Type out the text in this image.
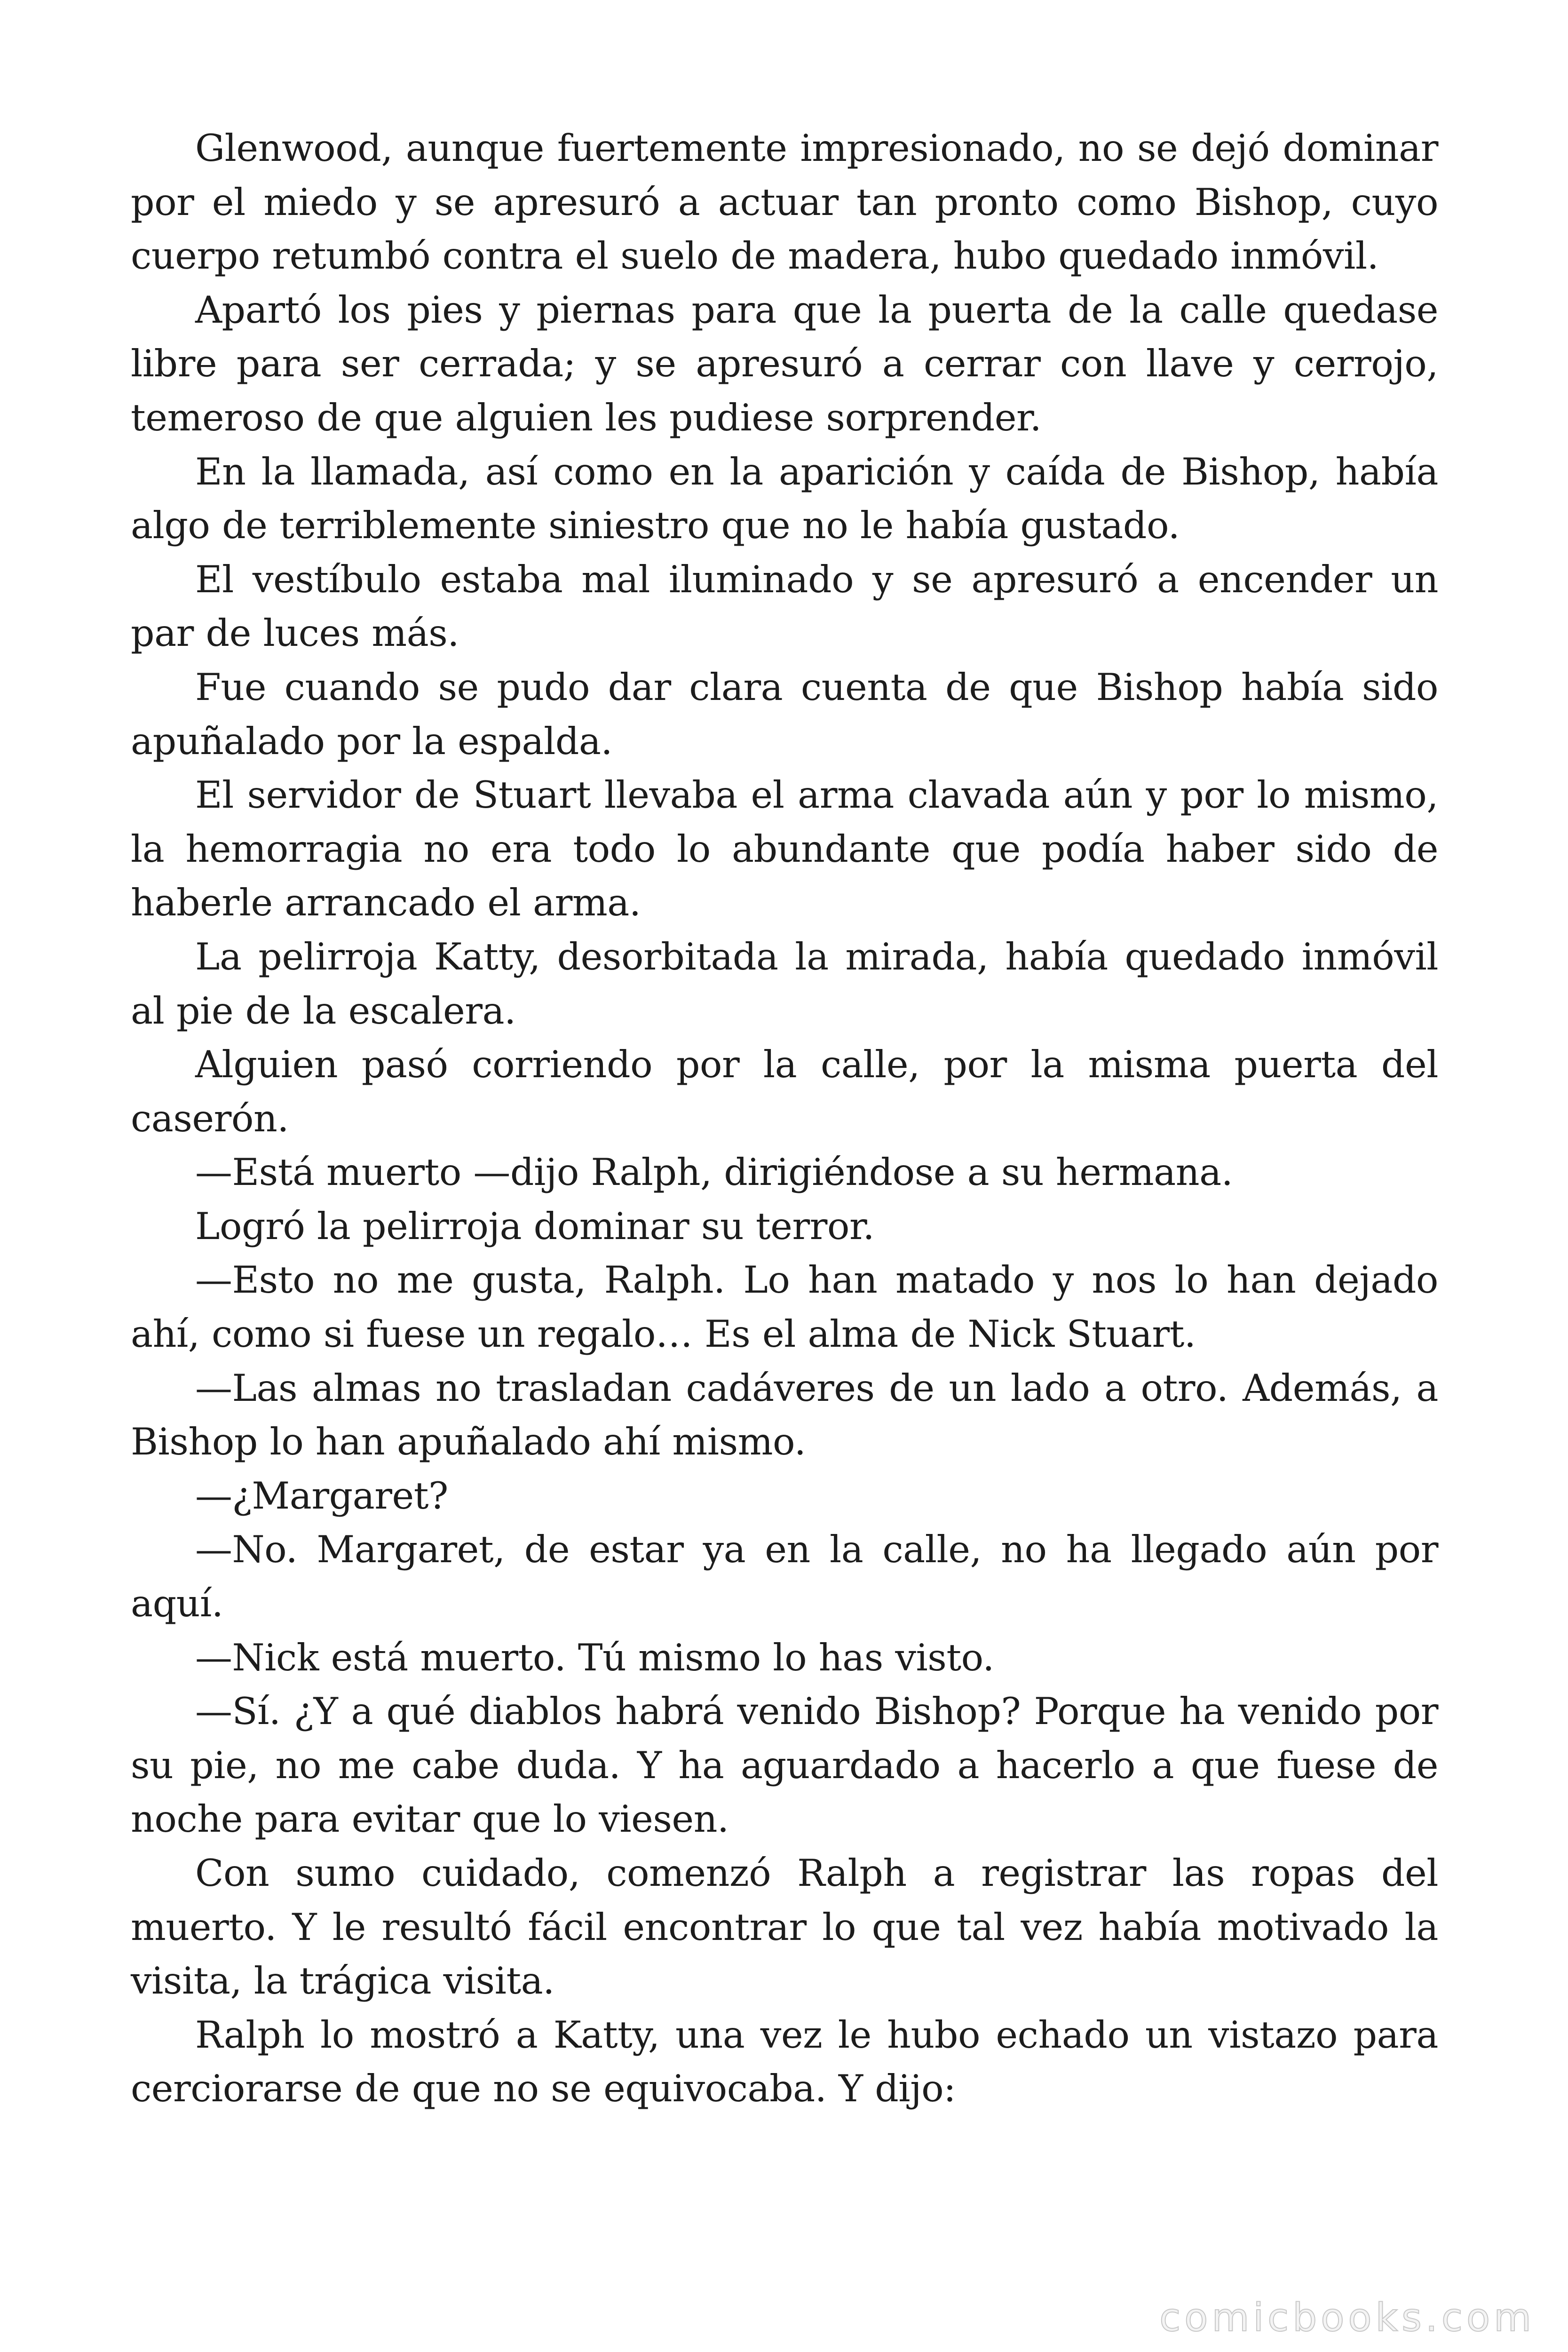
Glenwood, aunque fuertemente impresionado, no se dejó dominar por el miedo y se apresuró a actuar tan pronto como Bishop, cuyo cuerpo retumbó contra el suelo de madera, hubo quedado inmóvil.

Apartó los pies y piernas para que la puerta de la calle quedase libre para ser cerrada; y se apresuró a cerrar con llave y cerrojo, temeroso de que alguien les pudiese sorprender.

En la llamada, así como en la aparición y caída de Bishop, había algo de terriblemente siniestro que no le había gustado.

El vestíbulo estaba mal iluminado y se apresuró a encender un par de luces más.

Fue cuando se pudo dar clara cuenta de que Bishop había sido apuñalado por la espalda.

El servidor de Stuart llevaba el arma clavada aún y por lo mismo, la hemorragia no era todo lo abundante que podía haber sido de haberle arrancado el arma.

La pelirroja Katty, desorbitada la mirada, había quedado inmóvil al pie de la escalera.

Alguien pasó corriendo por la calle, por la misma puerta del caserón.

—Está muerto —dijo Ralph, dirigiéndose a su hermana.

Logró la pelirroja dominar su terror.

—Esto no me gusta, Ralph. Lo han matado y nos lo han dejado ahí, como si fuese un regalo… Es el alma de Nick Stuart.

—Las almas no trasladan cadáveres de un lado a otro. Además, a Bishop lo han apuñalado ahí mismo.

—¿Margaret?

—No. Margaret, de estar ya en la calle, no ha llegado aún por aquí.

—Nick está muerto. Tú mismo lo has visto.

—Sí. ¿Y a qué diablos habrá venido Bishop? Porque ha venido por su pie, no me cabe duda. Y ha aguardado a hacerlo a que fuese de noche para evitar que lo viesen.

Con sumo cuidado, comenzó Ralph a registrar las ropas del muerto. Y le resultó fácil encontrar lo que tal vez había motivado la visita, la trágica visita.

Ralph lo mostró a Katty, una vez le hubo echado un vistazo para cerciorarse de que no se equivocaba. Y dijo:

comicbooks.com
